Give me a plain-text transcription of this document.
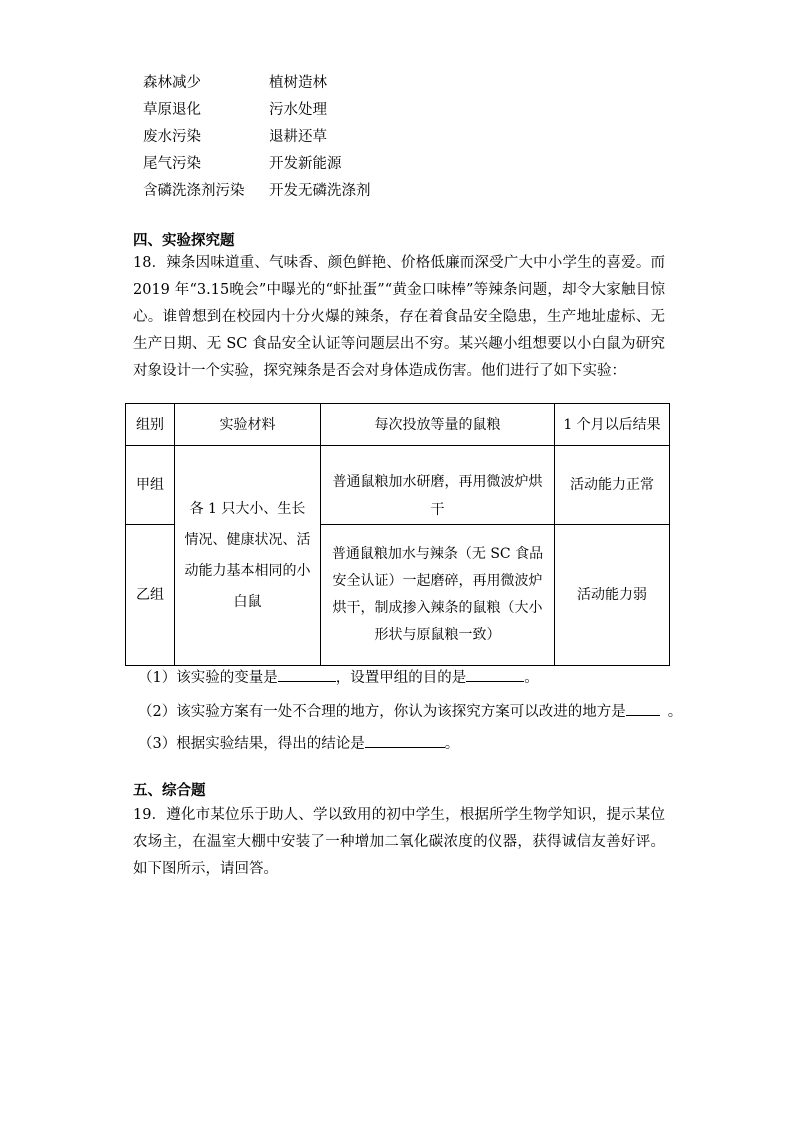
森林减少	植树造林
草原退化	污水处理
废水污染	退耕还草
尾气污染	开发新能源
含磷洗涤剂污染 开发无磷洗涤剂
四、实验探究题
18．辣条因味道重、气味香、颜色鲜艳、价格低廉而深受广大中小学生的喜爱。而 2019 年“3.15晚会”中曝光的“虾扯蛋”“黄金口味棒”等辣条问题，却令大家触目惊心。谁曾想到在校园内十分火爆的辣条，存在着食品安全隐患，生产地址虚标、无生产日期、无 SC 食品安全认证等问题层出不穷。某兴趣小组想要以小白鼠为研究对象设计一个实验，探究辣条是否会对身体造成伤害。他们进行了如下实验：
组别	实验材料	每次投放等量的鼠粮	1 个月以后结果
甲组	各 1 只大小、生长情况、健康状况、活动能力基本相同的小白鼠	普通鼠粮加水研磨，再用微波炉烘干	活动能力正常
乙组		普通鼠粮加水与辣条（无 SC 食品安全认证）一起磨碎，再用微波炉烘干，制成掺入辣条的鼠粮（大小形状与原鼠粮一致）	活动能力弱
（1）该实验的变量是	，设置甲组的目的是	。
（2）该实验方案有一处不合理的地方，你认为该探究方案可以改进的地方是	。
（3）根据实验结果，得出的结论是	。
五、综合题
19．遵化市某位乐于助人、学以致用的初中学生，根据所学生物学知识，提示某位农场主，在温室大棚中安装了一种增加二氧化碳浓度的仪器，获得诚信友善好评。如下图所示，请回答。
